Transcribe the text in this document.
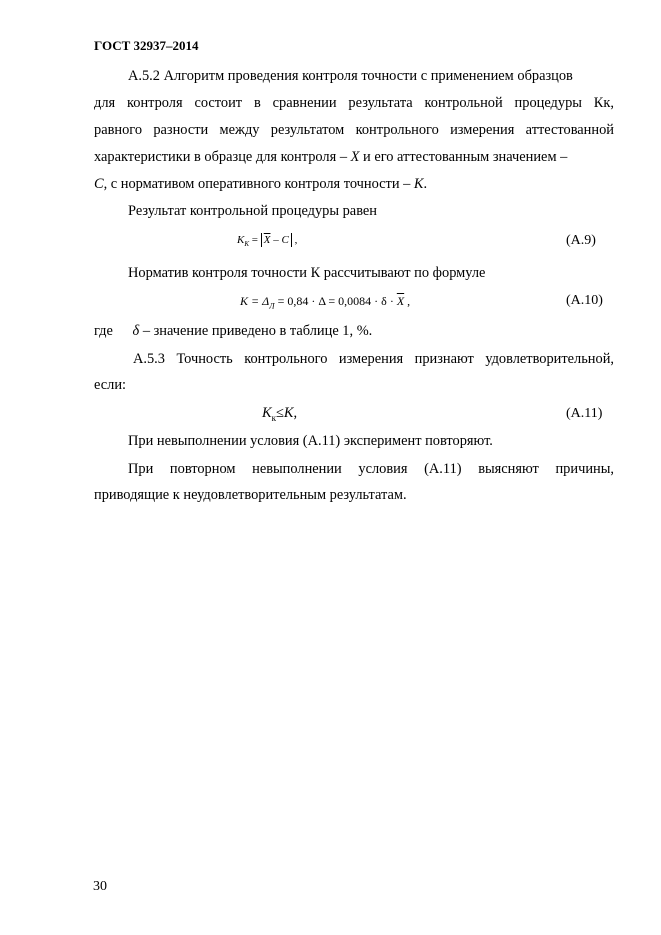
ГОСТ 32937–2014
А.5.2 Алгоритм проведения контроля точности с применением образцов
для контроля состоит в сравнении результата контрольной процедуры Кк,
равного разности между результатом контрольного измерения аттестованной
характеристики в образце для контроля – X и его аттестованным значением –
C, с нормативом оперативного контроля точности – K.
Результат контрольной процедуры равен
$K_K = \overline{X} - C$ ,	(А.9)
Норматив контроля точности К рассчитывают по формуле
$K = \Delta_Л = 0,84 \cdot \Delta = 0,0084 \cdot \delta \cdot \overline{X}$ ,	(А.10)
где δ – значение приведено в таблице 1, %.
А.5.3 Точность контрольного измерения признают удовлетворительной,
если:
$К_к\le K$,	(А.11)
При невыполнении условия (А.11) эксперимент повторяют.
При повторном невыполнении условия (А.11) выясняют причины,
приводящие к неудовлетворительным результатам.
30
